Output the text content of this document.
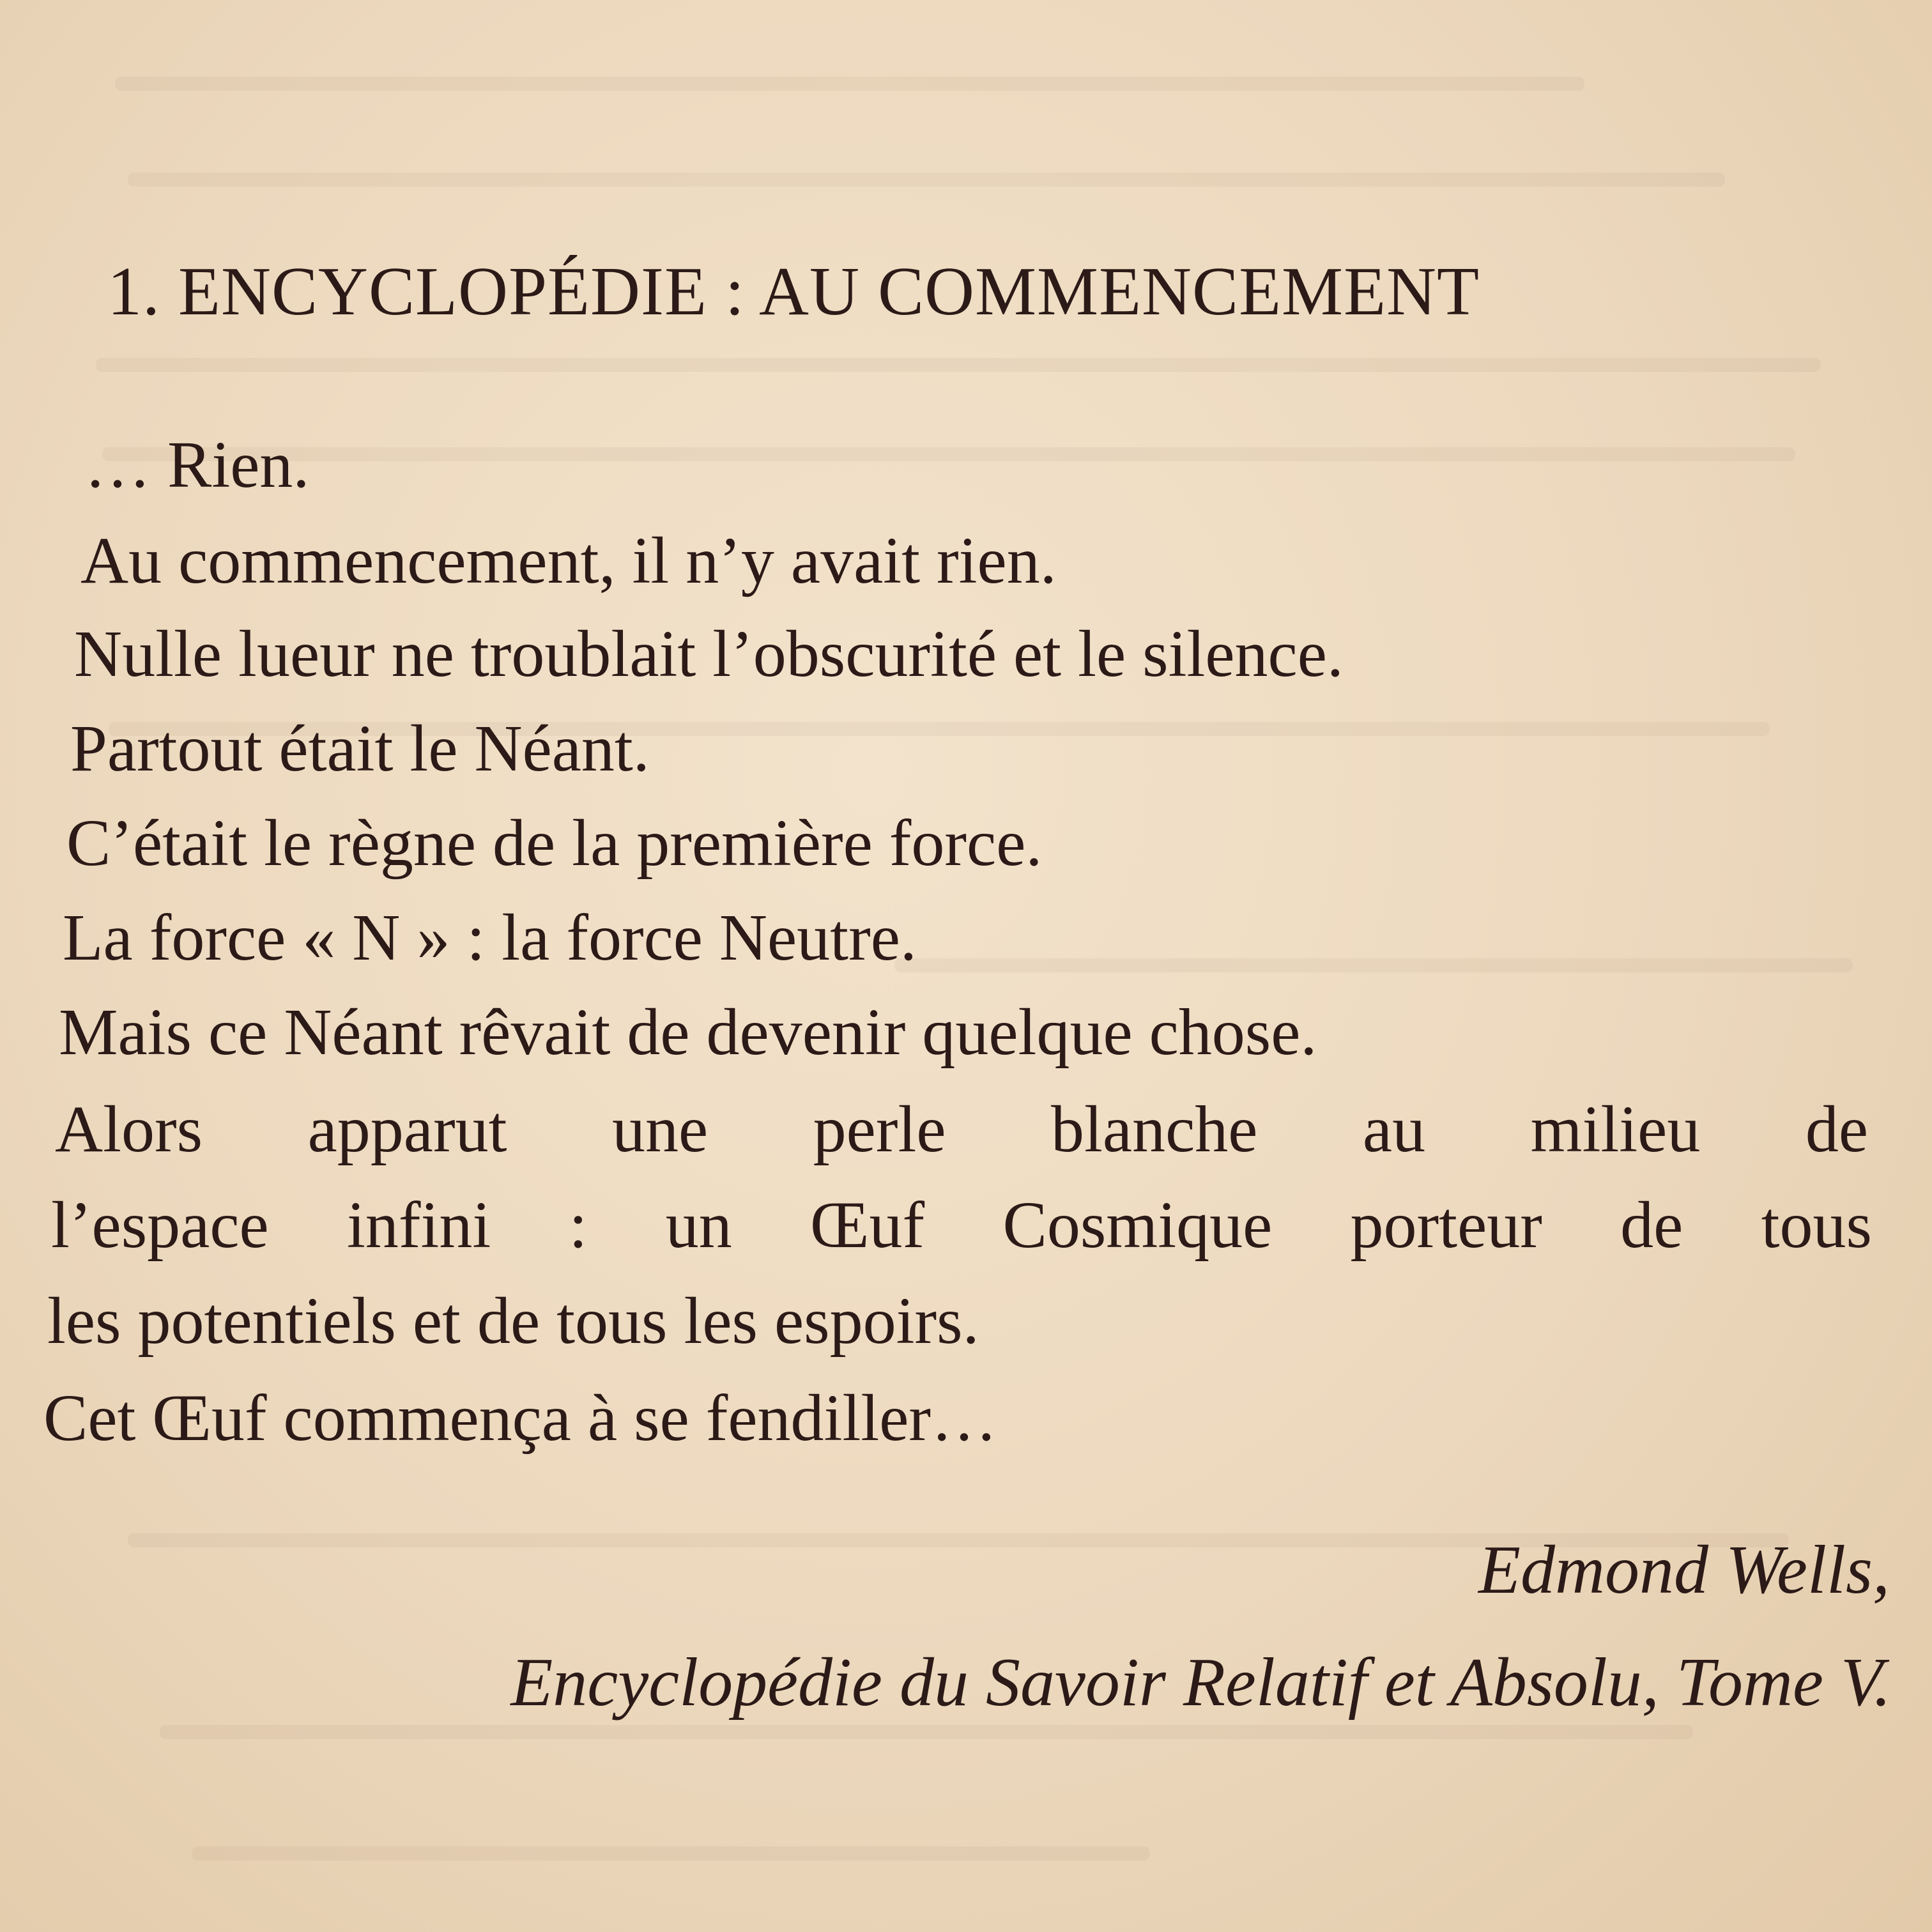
1. ENCYCLOPÉDIE : AU COMMENCEMENT
… Rien.
Au commencement, il n’y avait rien.
Nulle lueur ne troublait l’obscurité et le silence.
Partout était le Néant.
C’était le règne de la première force.
La force « N » : la force Neutre.
Mais ce Néant rêvait de devenir quelque chose.
Alors apparut une perle blanche au milieu de
l’espace infini : un Œuf Cosmique porteur de tous
les potentiels et de tous les espoirs.
Cet Œuf commença à se fendiller…
Edmond Wells,
Encyclopédie du Savoir Relatif et Absolu, Tome V.
